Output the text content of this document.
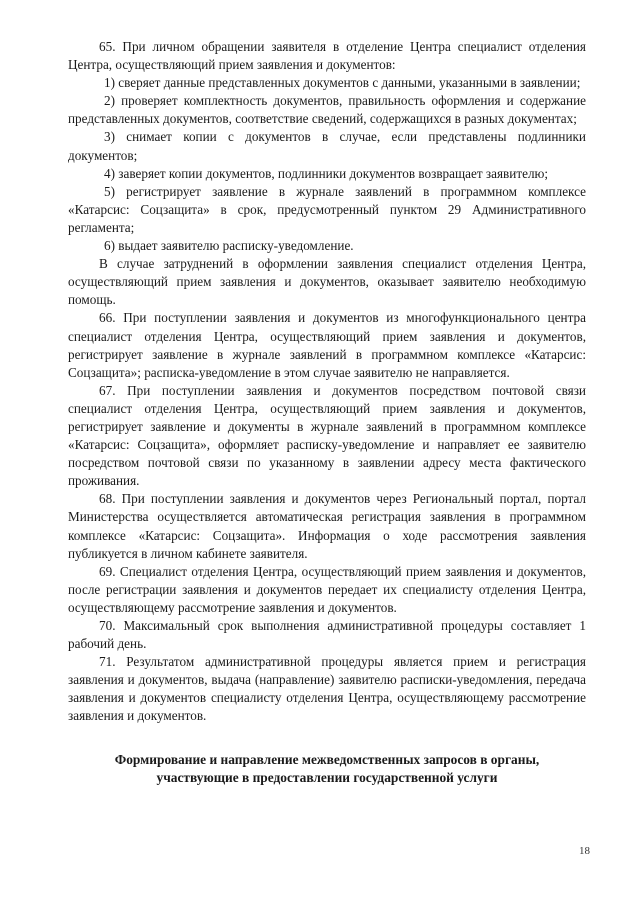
65. При личном обращении заявителя в отделение Центра специалист отделения Центра, осуществляющий прием заявления и документов:

1) сверяет данные представленных документов с данными, указанными в заявлении;

2) проверяет комплектность документов, правильность оформления и содержание представленных документов, соответствие сведений, содержащихся в разных документах;

3) снимает копии с документов в случае, если представлены подлинники документов;

4) заверяет копии документов, подлинники документов возвращает заявителю;

5) регистрирует заявление в журнале заявлений в программном комплексе «Катарсис: Соцзащита» в срок, предусмотренный пунктом 29 Административного регламента;

6) выдает заявителю расписку-уведомление.

В случае затруднений в оформлении заявления специалист отделения Центра, осуществляющий прием заявления и документов, оказывает заявителю необходимую помощь.

66. При поступлении заявления и документов из многофункционального центра специалист отделения Центра, осуществляющий прием заявления и документов, регистрирует заявление в журнале заявлений в программном комплексе «Катарсис: Соцзащита»; расписка-уведомление в этом случае заявителю не направляется.

67. При поступлении заявления и документов посредством почтовой связи специалист отделения Центра, осуществляющий прием заявления и документов, регистрирует заявление и документы в журнале заявлений в программном комплексе «Катарсис: Соцзащита», оформляет расписку-уведомление и направляет ее заявителю посредством почтовой связи по указанному в заявлении адресу места фактического проживания.

68. При поступлении заявления и документов через Региональный портал, портал Министерства осуществляется автоматическая регистрация заявления в программном комплексе «Катарсис: Соцзащита». Информация о ходе рассмотрения заявления публикуется в личном кабинете заявителя.

69. Специалист отделения Центра, осуществляющий прием заявления и документов, после регистрации заявления и документов передает их специалисту отделения Центра, осуществляющему рассмотрение заявления и документов.

70. Максимальный срок выполнения административной процедуры составляет 1 рабочий день.

71. Результатом административной процедуры является прием и регистрация заявления и документов, выдача (направление) заявителю расписки-уведомления, передача заявления и документов специалисту отделения Центра, осуществляющему рассмотрение заявления и документов.

Формирование и направление межведомственных запросов в органы,
участвующие в предоставлении государственной услуги
18
